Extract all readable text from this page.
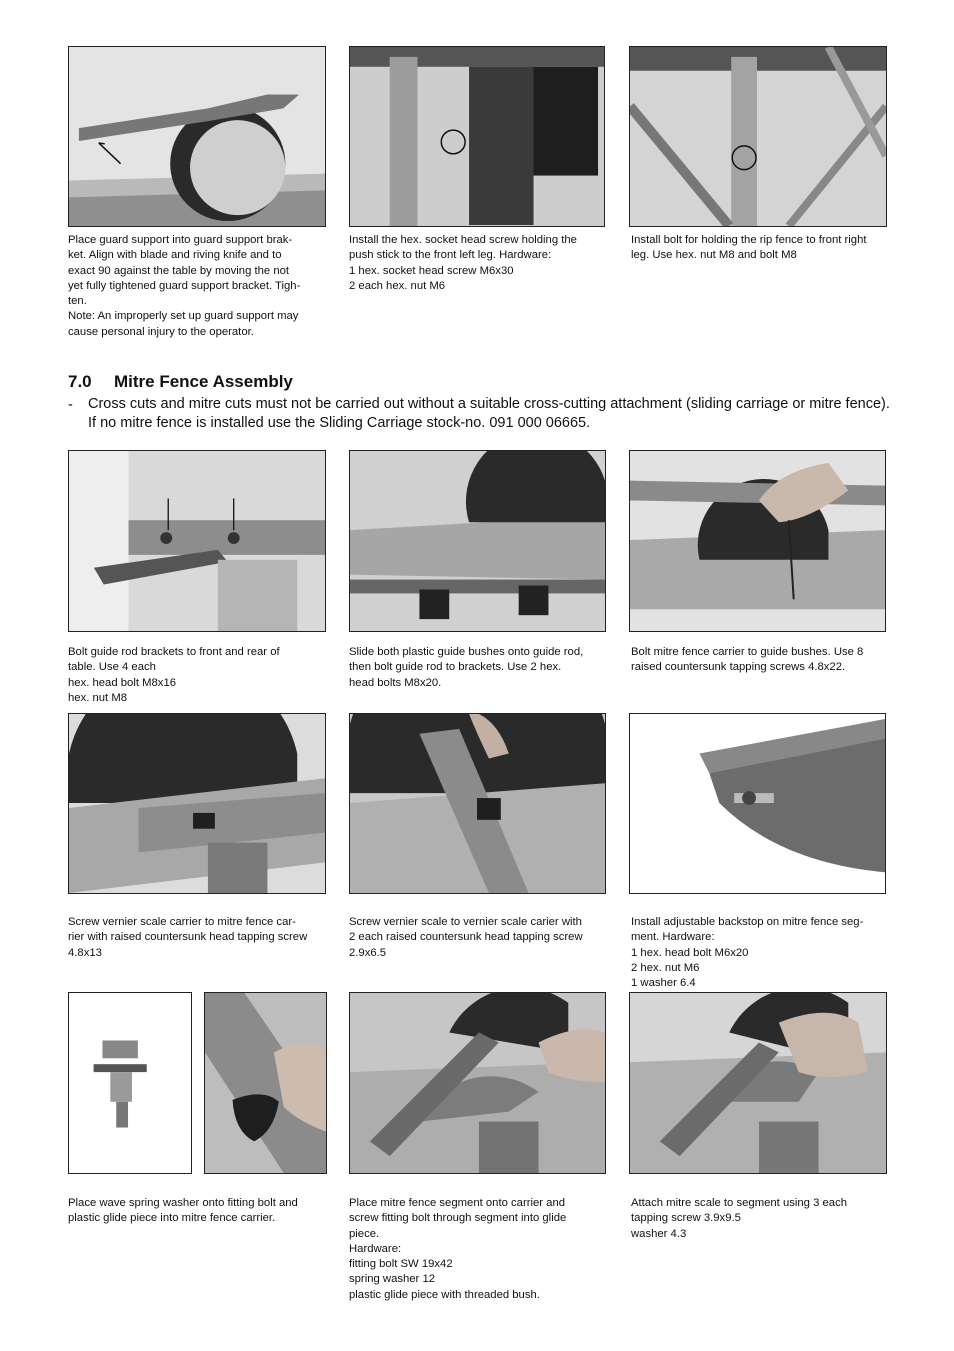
Place guard support into guard support brak-
ket. Align with blade and riving knife and to
exact 90 against the table by moving the not
yet fully tightened guard support bracket. Tigh-
ten.
Note: An improperly set up guard support may
cause personal injury to the operator.
Install the hex. socket head screw holding the
push stick to the front left leg. Hardware:
1 hex. socket head screw M6x30
2 each hex. nut M6
Install bolt for holding the rip fence to front right
leg. Use hex. nut M8 and bolt M8
7.0 Mitre Fence Assembly
- Cross cuts and mitre cuts must not be carried out without a suitable cross-cutting attachment (sliding carriage or mitre fence).

If no mitre fence is installed use the Sliding Carriage stock-no. 091 000 06665.

Bolt guide rod brackets to front and rear of
table. Use 4 each
hex. head bolt M8x16
hex. nut M8
Slide both plastic guide bushes onto guide rod,
then bolt guide rod to brackets. Use 2 hex.
head bolts M8x20.
Bolt mitre fence carrier to guide bushes. Use 8
raised countersunk tapping screws 4.8x22.
Screw vernier scale carrier to mitre fence car-
rier with raised countersunk head tapping screw
4.8x13
Screw vernier scale to vernier scale carier with
2 each raised countersunk head tapping screw
2.9x6.5
Install adjustable backstop on mitre fence seg-
ment. Hardware:
1 hex. head bolt M6x20
2 hex. nut M6
1 washer 6.4
Place wave spring washer onto fitting bolt and
plastic glide piece into mitre fence carrier.
Place mitre fence segment onto carrier and
screw fitting bolt through segment into glide
piece.
Hardware:
fitting bolt SW 19x42
spring washer 12
plastic glide piece with threaded bush.
Attach mitre scale to segment using 3 each
tapping screw 3.9x9.5
washer 4.3
